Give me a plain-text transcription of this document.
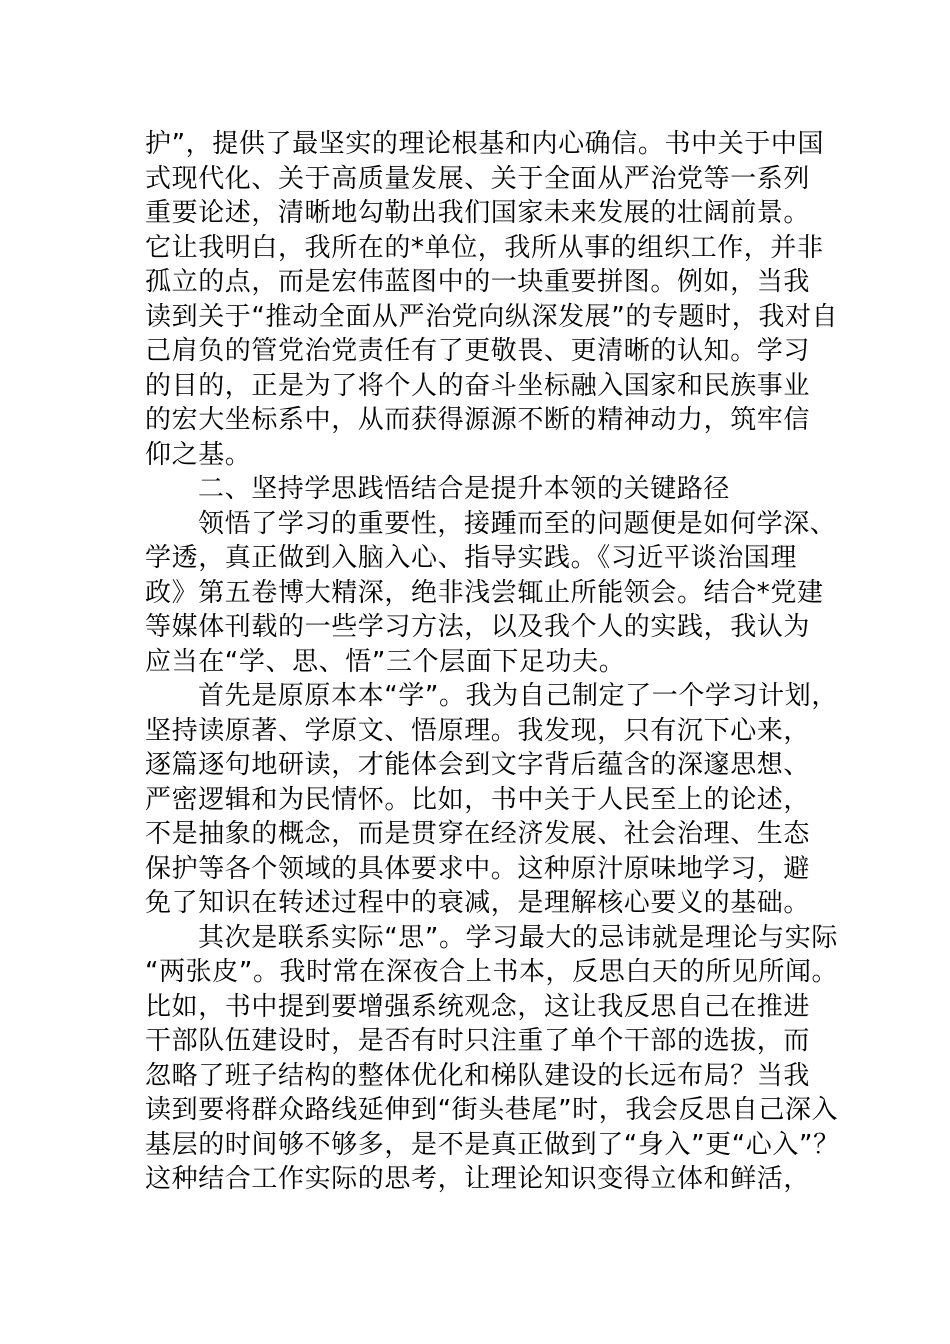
护”，提供了最坚实的理论根基和内心确信。书中关于中国
式现代化、关于高质量发展、关于全面从严治党等一系列
重要论述，清晰地勾勒出我们国家未来发展的壮阔前景。
它让我明白，我所在的*单位，我所从事的组织工作，并非
孤立的点，而是宏伟蓝图中的一块重要拼图。例如，当我
读到关于“推动全面从严治党向纵深发展”的专题时，我对自
己肩负的管党治党责任有了更敬畏、更清晰的认知。学习
的目的，正是为了将个人的奋斗坐标融入国家和民族事业
的宏大坐标系中，从而获得源源不断的精神动力，筑牢信
仰之基。
二、坚持学思践悟结合是提升本领的关键路径
领悟了学习的重要性，接踵而至的问题便是如何学深、
学透，真正做到入脑入心、指导实践。《习近平谈治国理
政》第五卷博大精深，绝非浅尝辄止所能领会。结合*党建
等媒体刊载的一些学习方法，以及我个人的实践，我认为
应当在“学、思、悟”三个层面下足功夫。
首先是原原本本“学”。我为自己制定了一个学习计划，
坚持读原著、学原文、悟原理。我发现，只有沉下心来，
逐篇逐句地研读，才能体会到文字背后蕴含的深邃思想、
严密逻辑和为民情怀。比如，书中关于人民至上的论述，
不是抽象的概念，而是贯穿在经济发展、社会治理、生态
保护等各个领域的具体要求中。这种原汁原味地学习，避
免了知识在转述过程中的衰减，是理解核心要义的基础。
其次是联系实际“思”。学习最大的忌讳就是理论与实际
“两张皮”。我时常在深夜合上书本，反思白天的所见所闻。
比如，书中提到要增强系统观念，这让我反思自己在推进
干部队伍建设时，是否有时只注重了单个干部的选拔，而
忽略了班子结构的整体优化和梯队建设的长远布局？当我
读到要将群众路线延伸到“街头巷尾”时，我会反思自己深入
基层的时间够不够多，是不是真正做到了“身入”更“心入”？
这种结合工作实际的思考，让理论知识变得立体和鲜活，
